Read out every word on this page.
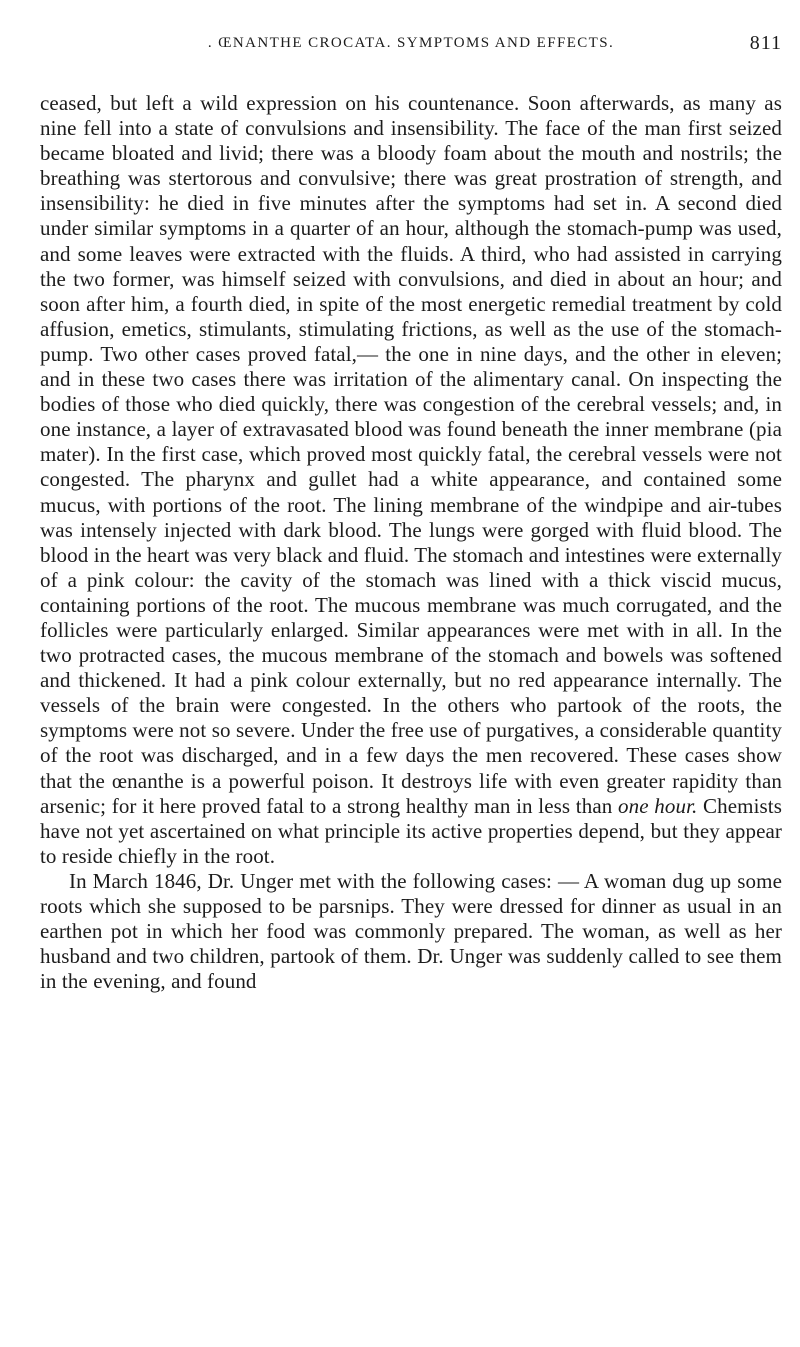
. ŒNANTHE CROCATA. SYMPTOMS AND EFFECTS.	811

ceased, but left a wild expression on his countenance. Soon afterwards, as many as nine fell into a state of convulsions and insensibility. The face of the man first seized became bloated and livid; there was a bloody foam about the mouth and nostrils; the breathing was stertorous and convulsive; there was great prostration of strength, and insensibility: he died in five minutes after the symptoms had set in. A second died under similar symptoms in a quarter of an hour, although the stomach-pump was used, and some leaves were extracted with the fluids. A third, who had assisted in carrying the two former, was himself seized with convulsions, and died in about an hour; and soon after him, a fourth died, in spite of the most energetic remedial treatment by cold affusion, emetics, stimulants, stimulating frictions, as well as the use of the stomach-pump. Two other cases proved fatal,— the one in nine days, and the other in eleven; and in these two cases there was irritation of the alimentary canal. On inspecting the bodies of those who died quickly, there was congestion of the cerebral vessels; and, in one instance, a layer of extravasated blood was found beneath the inner membrane (pia mater). In the first case, which proved most quickly fatal, the cerebral vessels were not congested. The pharynx and gullet had a white appearance, and contained some mucus, with portions of the root. The lining membrane of the windpipe and air-tubes was intensely injected with dark blood. The lungs were gorged with fluid blood. The blood in the heart was very black and fluid. The stomach and intestines were externally of a pink colour: the cavity of the stomach was lined with a thick viscid mucus, containing portions of the root. The mucous membrane was much corrugated, and the follicles were particularly enlarged. Similar appearances were met with in all. In the two protracted cases, the mucous membrane of the stomach and bowels was softened and thickened. It had a pink colour externally, but no red appearance internally. The vessels of the brain were congested. In the others who partook of the roots, the symptoms were not so severe. Under the free use of purgatives, a considerable quantity of the root was discharged, and in a few days the men recovered. These cases show that the œnanthe is a powerful poison. It destroys life with even greater rapidity than arsenic; for it here proved fatal to a strong healthy man in less than one hour. Chemists have not yet ascertained on what principle its active properties depend, but they appear to reside chiefly in the root.

In March 1846, Dr. Unger met with the following cases: — A woman dug up some roots which she supposed to be parsnips. They were dressed for dinner as usual in an earthen pot in which her food was commonly prepared. The woman, as well as her husband and two children, partook of them. Dr. Unger was suddenly called to see them in the evening, and found
